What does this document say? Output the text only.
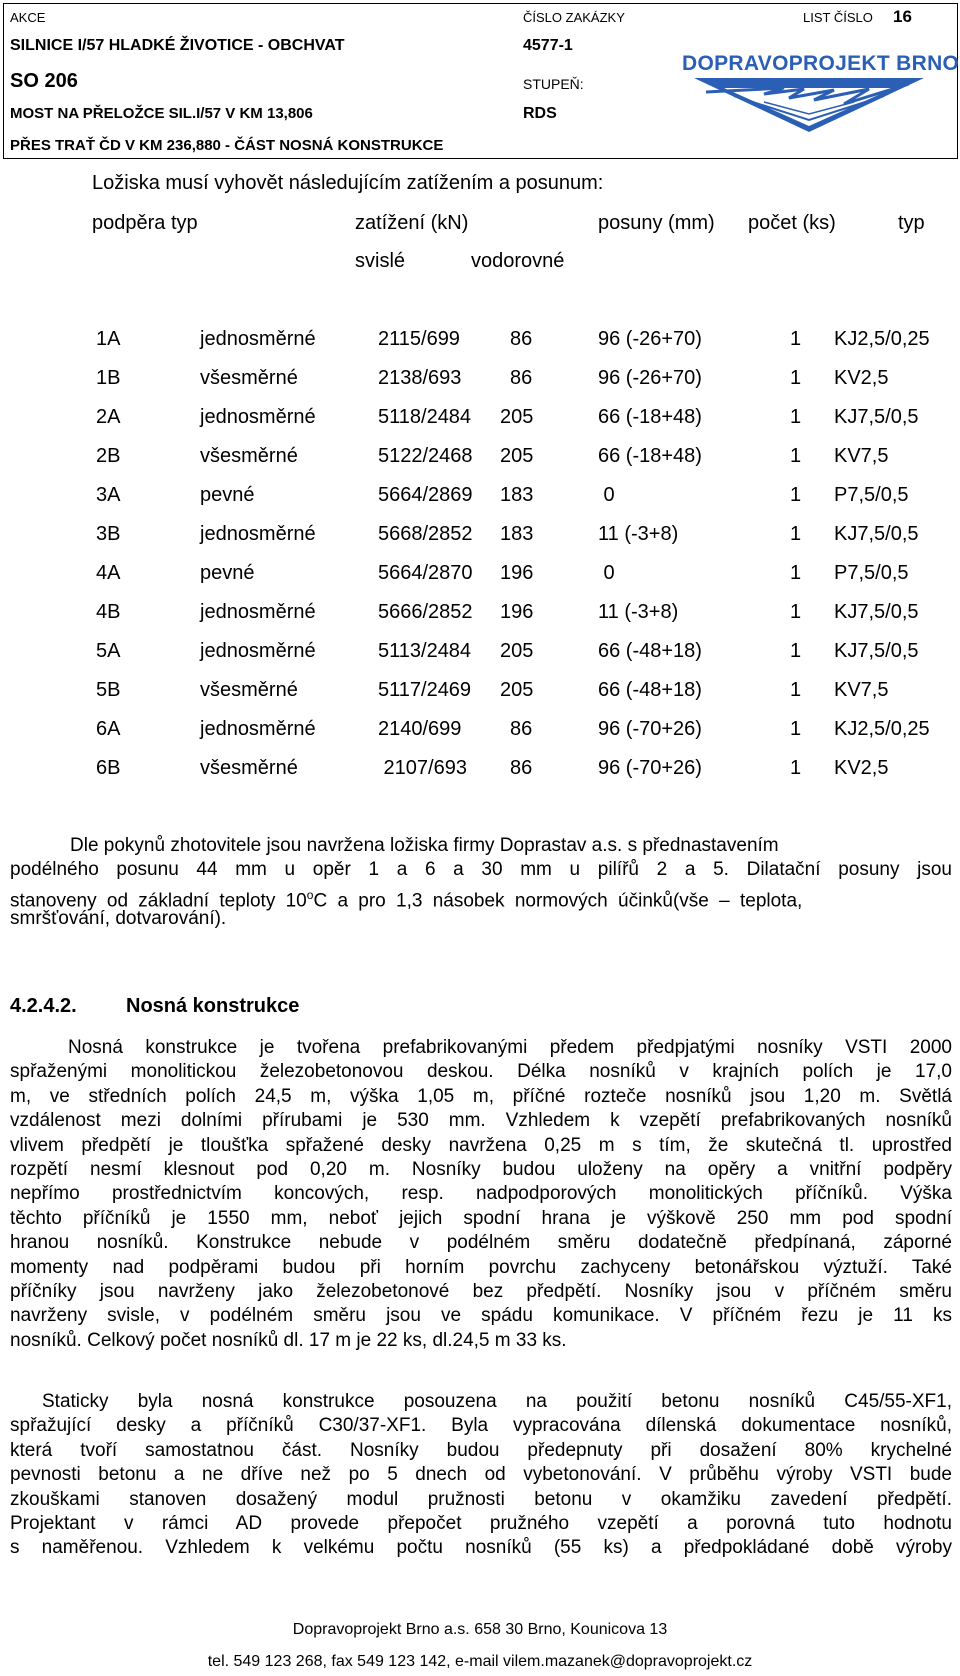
AKCE	ČÍSLO ZAKÁZKY	LIST ČÍSLO 16
SILNICE I/57 HLADKÉ ŽIVOTICE - OBCHVAT	4577-1
SO 206	STUPEŇ:
MOST NA PŘELOŽCE SIL.I/57 V KM 13,806	RDS
PŘES TRAŤ ČD V KM 236,880 - ČÁST NOSNÁ KONSTRUKCE
DOPRAVOPROJEKT BRNO
Ložiska musí vyhovět následujícím zatížením a posunum:
podpěra typ	zatížení (kN)	posuny (mm) počet (ks)	typ
svislé	vodorovné
1A	jednosměrné	2115/699	86	96 (-26+70)	1 KJ2,5/0,25
1B	všesměrné	2138/693 86	96 (-26+70)	1 KV2,5
2A	jednosměrné	5118/2484 205	66 (-18+48)	1 KJ7,5/0,5
2B	všesměrné	5122/2468 205	66 (-18+48)	1 KV7,5
3A	pevné	5664/2869 183	0	1 P7,5/0,5
3B	jednosměrné	5668/2852 183	11 (-3+8)	1 KJ7,5/0,5
4A	pevné	5664/2870 196	0	1 P7,5/0,5
4B	jednosměrné	5666/2852 196	11 (-3+8)	1 KJ7,5/0,5
5A	jednosměrné	5113/2484 205	66 (-48+18)	1 KJ7,5/0,5
5B	všesměrné	5117/2469 205	66 (-48+18)	1 KV7,5
6A	jednosměrné	2140/699 86	96 (-70+26)	1 KJ2,5/0,25
6B	všesměrné	2107/693 86	96 (-70+26)	1 KV2,5
Dle pokynů zhotovitele jsou navržena ložiska firmy Doprastav a.s. s přednastavením
podélného posunu 44 mm u opěr 1 a 6 a 30 mm u pilířů 2 a 5. Dilatační posuny jsou
stanoveny od základní teploty 10$^o$C a pro 1,3 násobek normových účinků(vše – teplota,
smršťování, dotvarování).
4.2.4.2. Nosná konstrukce
Nosná konstrukce je tvořena prefabrikovanými předem předpjatými nosníky VSTI 2000
spřaženými monolitickou železobetonovou deskou. Délka nosníků v krajních polích je 17,0
m, ve středních polích 24,5 m, výška 1,05 m, příčné rozteče nosníků jsou 1,20 m. Světlá
vzdálenost mezi dolními přírubami je 530 mm. Vzhledem k vzepětí prefabrikovaných nosníků
vlivem předpětí je tloušťka spřažené desky navržena 0,25 m s tím, že skutečná tl. uprostřed
rozpětí nesmí klesnout pod 0,20 m. Nosníky budou uloženy na opěry a vnitřní podpěry
nepřímo prostřednictvím koncových, resp. nadpodporových monolitických příčníků. Výška
těchto příčníků je 1550 mm, neboť jejich spodní hrana je výškově 250 mm pod spodní
hranou nosníků. Konstrukce nebude v podélném směru dodatečně předpínaná, záporné
momenty nad podpěrami budou při horním povrchu zachyceny betonářskou výztuží. Také
příčníky jsou navrženy jako železobetonové bez předpětí. Nosníky jsou v příčném směru
navrženy svisle, v podélném směru jsou ve spádu komunikace. V příčném řezu je 11 ks
nosníků. Celkový počet nosníků dl. 17 m je 22 ks, dl.24,5 m 33 ks.
Staticky byla nosná konstrukce posouzena na použití betonu nosníků C45/55-XF1,
spřažující desky a příčníků C30/37-XF1. Byla vypracována dílenská dokumentace nosníků,
která tvoří samostatnou část. Nosníky budou předepnuty při dosažení 80% krychelné
pevnosti betonu a ne dříve než po 5 dnech od vybetonování. V průběhu výroby VSTI bude
zkouškami stanoven dosažený modul pružnosti betonu v okamžiku zavedení předpětí.
Projektant v rámci AD provede přepočet pružného vzepětí a porovná tuto hodnotu
s naměřenou. Vzhledem k velkému počtu nosníků (55 ks) a předpokládané době výroby
Dopravoprojekt Brno a.s. 658 30 Brno, Kounicova 13
tel. 549 123 268, fax 549 123 142, e-mail vilem.mazanek@dopravoprojekt.cz
